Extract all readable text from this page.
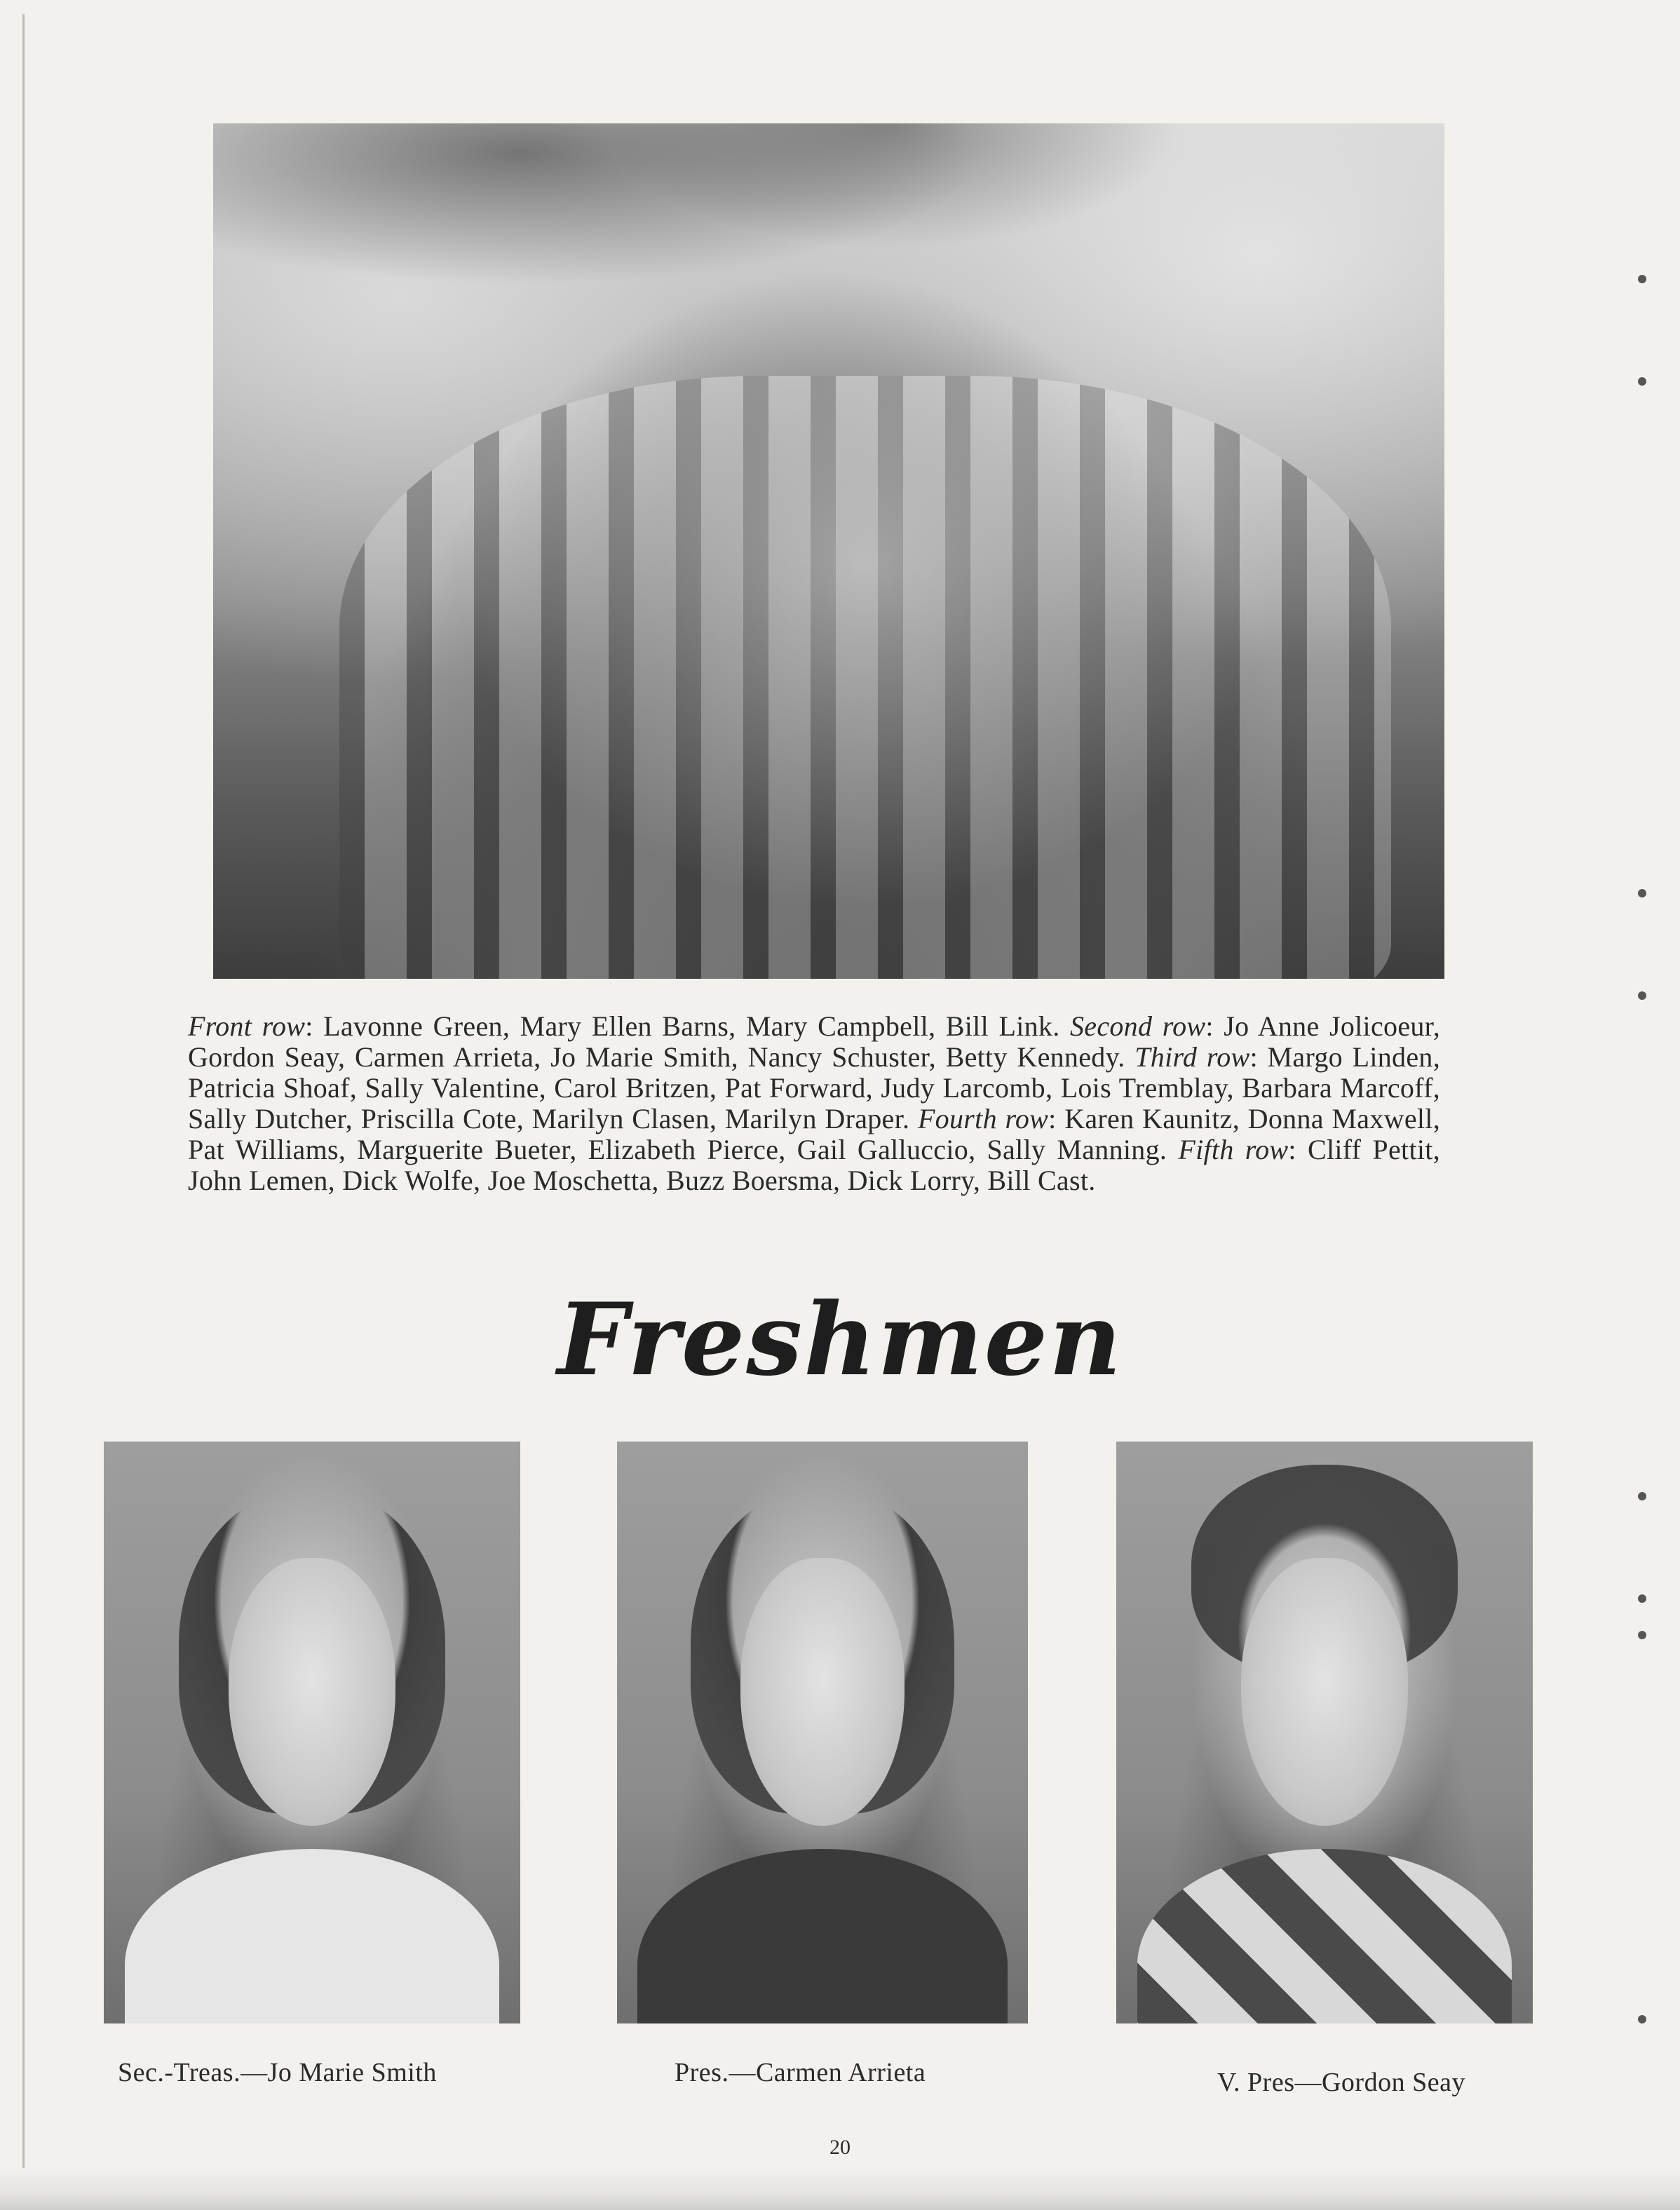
Front row: Lavonne Green, Mary Ellen Barns, Mary Campbell, Bill Link. Second row: Jo Anne Jolicoeur, Gordon Seay, Carmen Arrieta, Jo Marie Smith, Nancy Schuster, Betty Kennedy. Third row: Margo Linden, Patricia Shoaf, Sally Valentine, Carol Britzen, Pat Forward, Judy Larcomb, Lois Tremblay, Barbara Marcoff, Sally Dutcher, Priscilla Cote, Marilyn Clasen, Marilyn Draper. Fourth row: Karen Kaunitz, Donna Maxwell, Pat Williams, Marguerite Bueter, Elizabeth Pierce, Gail Galluccio, Sally Manning. Fifth row: Cliff Pettit, John Lemen, Dick Wolfe, Joe Moschetta, Buzz Boersma, Dick Lorry, Bill Cast.
Freshmen
Sec.-Treas.—Jo Marie Smith	Pres.—Carmen Arrieta	V. Pres—Gordon Seay
20
